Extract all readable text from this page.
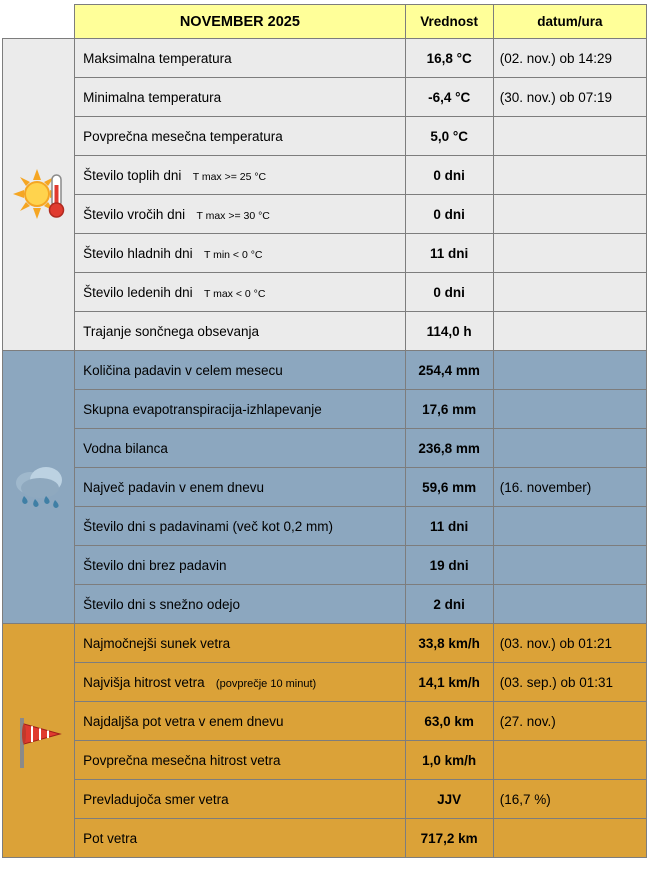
	NOVEMBER 2025	Vrednost	datum/ura

	Maksimalna temperatura	16,8 °C	(02. nov.) ob 14:29
	Minimalna temperatura	-6,4 °C	(30. nov.) ob 07:19
	Povprečna mesečna temperatura	5,0 °C	
	Število toplih dni T max >= 25 °C	0 dni	
	Število vročih dni T max >= 30 °C	0 dni	
	Število hladnih dni T min < 0 °C	11 dni	
	Število ledenih dni T max < 0 °C	0 dni	
	Trajanje sončnega obsevanja	114,0 h	

	Količina padavin v celem mesecu	254,4 mm	
	Skupna evapotranspiracija-izhlapevanje	17,6 mm	
	Vodna bilanca	236,8 mm	
	Največ padavin v enem dnevu	59,6 mm	(16. november)
	Število dni s padavinami (več kot 0,2 mm)	11 dni	
	Število dni brez padavin	19 dni	
	Število dni s snežno odejo	2 dni	

	Najmočnejši sunek vetra	33,8 km/h	(03. nov.) ob 01:21
	Najvišja hitrost vetra (povprečje 10 minut)	14,1 km/h	(03. sep.) ob 01:31
	Najdaljša pot vetra v enem dnevu	63,0 km	(27. nov.)
	Povprečna mesečna hitrost vetra	1,0 km/h	
	Prevladujoča smer vetra	JJV	(16,7 %)
	Pot vetra	717,2 km	
